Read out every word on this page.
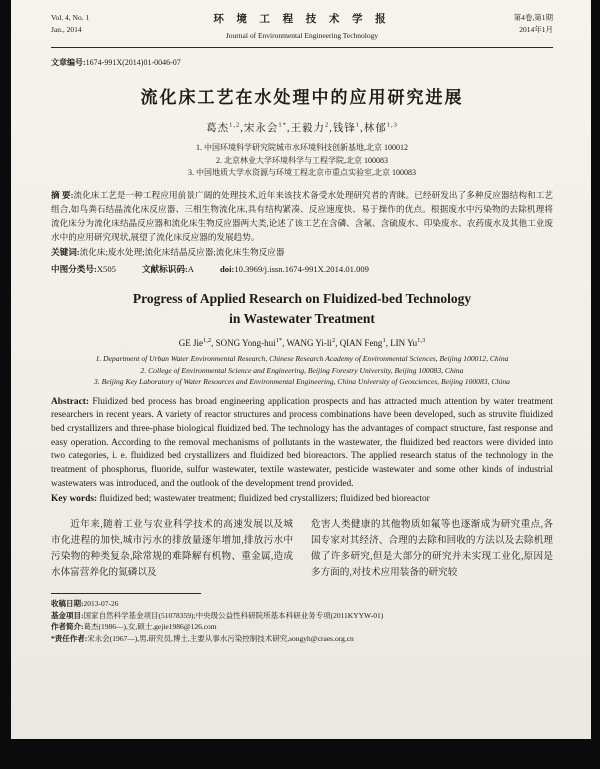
Vol. 4, No. 1
Jan., 2014
环 境 工 程 技 术 学 报
Journal of Environmental Engineering Technology
第4卷,第1期
2014年1月
文章编号:1674-991X(2014)01-0046-07
流化床工艺在水处理中的应用研究进展
葛杰$^{1,2}$,宋永会$^{1*}$,王毅力$^2$,钱锋$^1$,林郁$^{1,3}$
1. 中国环境科学研究院城市水环境科技创新基地,北京 100012
2. 北京林业大学环境科学与工程学院,北京 100083
3. 中国地质大学水资源与环境工程北京市重点实验室,北京 100083
摘 要:流化床工艺是一种工程应用前景广阔的处理技术,近年来该技术备受水处理研究者的青睐。已经研发出了多种反应器结构和工艺组合,如鸟粪石结晶流化床反应器、三相生物流化床,具有结构紧凑、反应速度快、易于操作的优点。根据废水中污染物的去除机理将流化床分为流化床结晶反应器和流化床生物反应器两大类,论述了该工艺在含磷、含氟、含硫废水、印染废水、农药废水及其他工业废水中的应用研究现状,展望了流化床反应器的发展趋势。
关键词:流化床;废水处理;流化床结晶反应器;流化床生物反应器
中图分类号:X505	文献标识码:A	doi:10.3969/j.issn.1674-991X.2014.01.009
Progress of Applied Research on Fluidized-bed Technology
in Wastewater Treatment
GE Jie$^{1,2}$, SONG Yong-hui$^{1*}$, WANG $Yi-li^2$, QIAN Feng$^1$, LIN Yu$^{1,3}$
1. Department of Urban Water Environmental Research, Chinese Research Academy of Environmental Sciences, Beijing 100012, China
2. College of Environmental Science and Engineering, Beijing Forestry University, Beijing 100083, China
3. Beijing Key Laboratory of Water Resources and Environmental Engineering, China University of Geosciences, Beijing 100083, China
Abstract: Fluidized bed process has broad engineering application prospects and has attracted much attention by water treatment researchers in recent years. A variety of reactor structures and process combinations have been developed, such as struvite fluidized bed crystallizers and three-phase biological fluidized bed. The technology has the advantages of compact structure, fast response and easy operation. According to the removal mechanisms of pollutants in the wastewater, the fluidized bed reactors were divided into two categories, i. e. fluidized bed crystallizers and fluidized bed bioreactors. The applied research status of the technology in the treatment of phosphorus, fluoride, sulfur wastewater, textile wastewater, pesticide wastewater and some other kinds of industrial wastewaters was introduced, and the outlook of the development trend provided.
Key words: fluidized bed; wastewater treatment; fluidized bed crystallizers; fluidized bed bioreactor
近年来,随着工业与农业科学技术的高速发展以及城市化进程的加快,城市污水的排放量逐年增加,排放污水中污染物的种类复杂,除常规的难降解有机物、重金属,造成水体富营养化的氮磷以及
危害人类健康的其他物质如氟等也逐渐成为研究重点,各国专家对其经济、合理的去除和回收的方法以及去除机理做了许多研究,但是大部分的研究并未实现工业化,原因是多方面的,对技术应用装备的研究较
收稿日期:2013-07-26
基金项目:国家自然科学基金项目(51078359);中央级公益性科研院所基本科研业务专项(2011KYYW-01)
作者简介:葛杰(1986—),女,硕士,gejie1986@126.com
*责任作者:宋永会(1967—),男,研究员,博士,主要从事水污染控制技术研究,songyh@craes.org.cn
